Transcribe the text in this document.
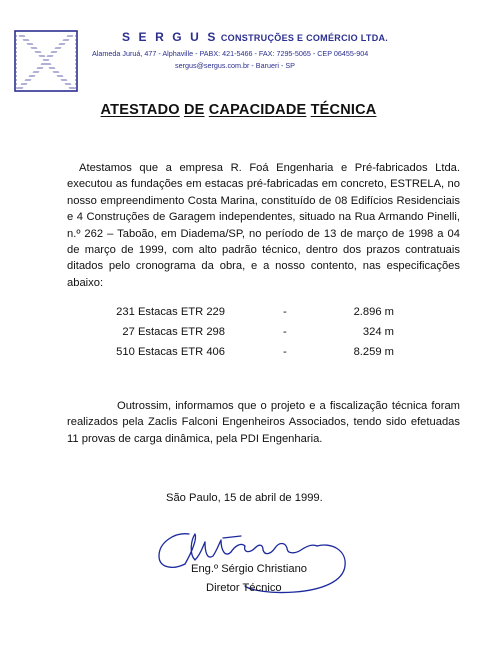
S E R G U S CONSTRUÇÕES E COMÉRCIO LTDA.
Alameda Juruá, 477 - Alphaville - PABX: 421-5466 - FAX: 7295-5065 - CEP 06455-904
sergus@sergus.com.br - Barueri - SP
ATESTADO DE CAPACIDADE TÉCNICA

Atestamos que a empresa R. Foá Engenharia e Pré-fabricados Ltda. executou as fundações em estacas pré-fabricadas em concreto, ESTRELA, no nosso empreendimento Costa Marina, constituído de 08 Edifícios Residenciais e 4 Construções de Garagem independentes, situado na Rua Armando Pinelli, n.º 262 – Taboão, em Diadema/SP, no período de 13 de março de 1998 a 04 de março de 1999, com alto padrão técnico, dentro dos prazos contratuais ditados pelo cronograma da obra, e a nosso contento, nas especificações abaixo:

231 Estacas ETR 229	-	2.896 m
27 Estacas ETR 298	-	324 m
510 Estacas ETR 406	-	8.259 m

Outrossim, informamos que o projeto e a fiscalização técnica foram realizados pela Zaclis Falconi Engenheiros Associados, tendo sido efetuadas 11 provas de carga dinâmica, pela PDI Engenharia.

São Paulo, 15 de abril de 1999.
Eng.º Sérgio Christiano
Diretor Técnico
